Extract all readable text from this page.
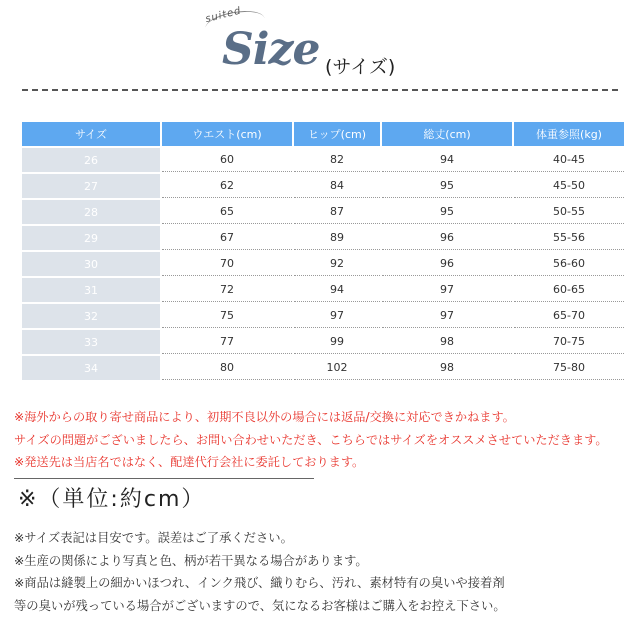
suited
Size (サイズ)
サイズ	ウエスト(cm)	ヒップ(cm)	総丈(cm)	体重参照(kg)
26	60	82	94	40-45
27	62	84	95	45-50
28	65	87	95	50-55
29	67	89	96	55-56
30	70	92	96	56-60
31	72	94	97	60-65
32	75	97	97	65-70
33	77	99	98	70-75
34	80	102	98	75-80
※海外からの取り寄せ商品により、初期不良以外の場合には返品/交換に対応できかねます。
サイズの問題がございましたら、お問い合わせいただき、こちらではサイズをオススメさせていただきます。
※発送先は当店名ではなく、配達代行会社に委託しております。
※（単位:約cm）
※サイズ表記は目安です。誤差はご了承ください。
※生産の関係により写真と色、柄が若干異なる場合があります。
※商品は縫製上の細かいほつれ、インク飛び、織りむら、汚れ、素材特有の臭いや接着剤
等の臭いが残っている場合がございますので、気になるお客様はご購入をお控え下さい。
